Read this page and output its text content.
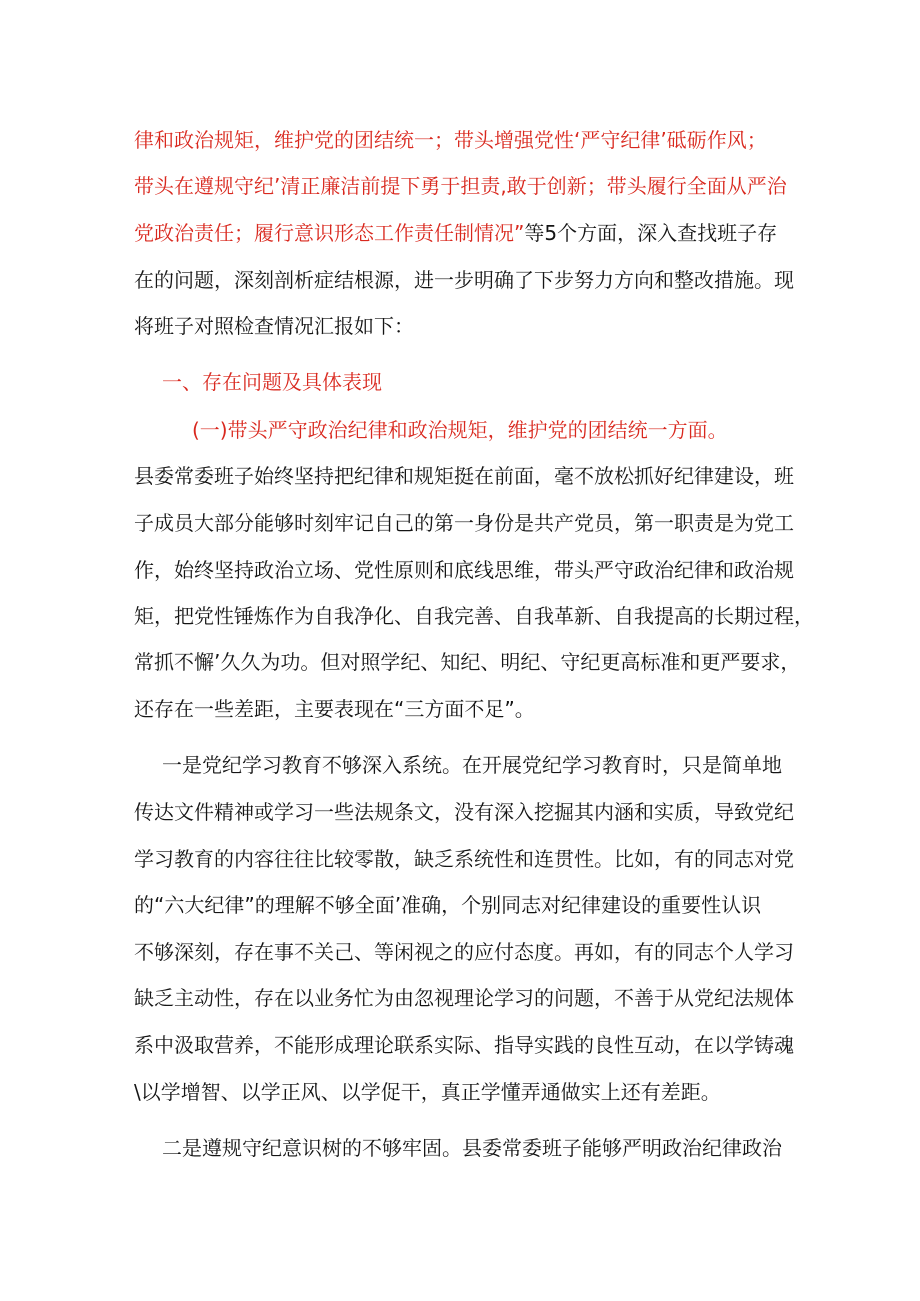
律和政治规矩，维护党的团结统一；带头增强党性‘严守纪律’砥砺作风；
带头在遵规守纪’清正廉洁前提下勇于担责,敢于创新；带头履行全面从严治
党政治责任；履行意识形态工作责任制情况”等5个方面，深入查找班子存
在的问题，深刻剖析症结根源，进一步明确了下步努力方向和整改措施。现
将班子对照检查情况汇报如下：
一、存在问题及具体表现
(一)带头严守政治纪律和政治规矩，维护党的团结统一方面。
县委常委班子始终坚持把纪律和规矩挺在前面，毫不放松抓好纪律建设，班
子成员大部分能够时刻牢记自己的第一身份是共产党员，第一职责是为党工
作，始终坚持政治立场、党性原则和底线思维，带头严守政治纪律和政治规
矩，把党性锤炼作为自我净化、自我完善、自我革新、自我提高的长期过程，
常抓不懈’久久为功。但对照学纪、知纪、明纪、守纪更高标准和更严要求，
还存在一些差距，主要表现在“三方面不足”。
一是党纪学习教育不够深入系统。在开展党纪学习教育时，只是简单地
传达文件精神或学习一些法规条文，没有深入挖掘其内涵和实质，导致党纪
学习教育的内容往往比较零散，缺乏系统性和连贯性。比如，有的同志对党
的“六大纪律”的理解不够全面’准确，个别同志对纪律建设的重要性认识
不够深刻，存在事不关己、等闲视之的应付态度。再如，有的同志个人学习
缺乏主动性，存在以业务忙为由忽视理论学习的问题，不善于从党纪法规体
系中汲取营养，不能形成理论联系实际、指导实践的良性互动，在以学铸魂
\以学增智、以学正风、以学促干，真正学懂弄通做实上还有差距。
二是遵规守纪意识树的不够牢固。县委常委班子能够严明政治纪律政治
